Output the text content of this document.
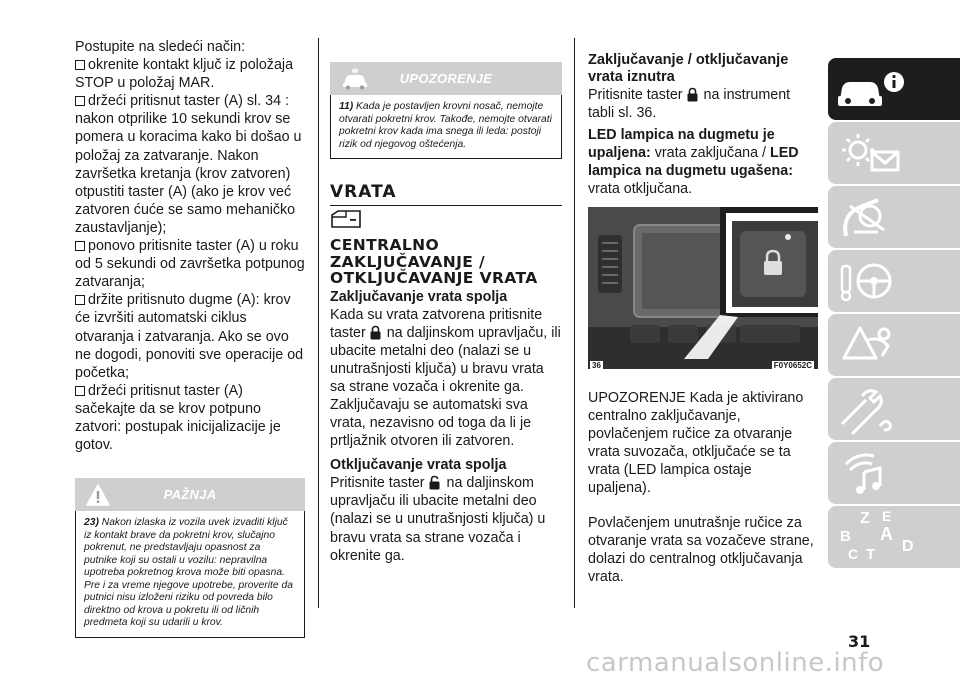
Postupite na sledeći način:
okrenite kontakt ključ iz položaja STOP u položaj MAR.
držeći pritisnut taster (A) sl. 34 : nakon otprilike 10 sekundi krov se pomera u koracima kako bi došao u položaj za zatvaranje. Nakon završetka kretanja (krov zatvoren) otpustiti taster (A) (ako je krov već zatvoren ćuće se samo mehaničko zaustavljanje);
ponovo pritisnite taster (A) u roku od 5 sekundi od završetka potpunog zatvaranja;
držite pritisnuto dugme (A): krov će izvršiti automatski ciklus otvaranja i zatvaranja. Ako se ovo ne dogodi, ponoviti sve operacije od početka;
držeći pritisnut taster (A) sačekajte da se krov potpuno zatvori: postupak inicijalizacije je gotov.
PAŽNJA
23) Nakon izlaska iz vozila uvek izvaditi ključ iz kontakt brave da pokretni krov, slučajno pokrenut, ne predstavljaju opasnost za putnike koji su ostali u vozilu: nepravilna upotreba pokretnog krova može biti opasna. Pre i za vreme njegove upotrebe, proverite da putnici nisu izloženi riziku od povreda bilo direktno od krova u pokretu ili od ličnih predmeta koji su udarili u krov.
UPOZORENJE
11) Kada je postavljen krovni nosač, nemojte otvarati pokretni krov. Takođe, nemojte otvarati pokretni krov kada ima snega ili leda: postoji rizik od njegovog oštećenja.
VRATA
CENTRALNO
ZAKLJUČAVANJE /
OTKLJUČAVANJE VRATA
Zaključavanje vrata spolja
Kada su vrata zatvorena pritisnite taster na daljinskom upravljaču, ili ubacite metalni deo (nalazi se u unutrašnjosti ključa) u bravu vrata sa strane vozača i okrenite ga. Zaključavaju se automatski sva vrata, nezavisno od toga da li je prtljažnik otvoren ili zatvoren.
Otključavanje vrata spolja
Pritisnite taster na daljinskom upravljaču ili ubacite metalni deo (nalazi se u unutrašnjosti ključa) u bravu vrata sa strane vozača i okrenite ga.
Zaključavanje / otključavanje vrata iznutra
Pritisnite taster na instrument tabli sl. 36.
LED lampica na dugmetu je upaljena: vrata zaključana / LED lampica na dugmetu ugašena: vrata otključana.
36	F0Y0652C
UPOZORENJE Kada je aktivirano centralno zaključavanje, povlačenjem ručice za otvaranje vrata suvozača, otključaće se ta vrata (LED lampica ostaje upaljena).
Povlačenjem unutrašnje ručice za otvaranje vrata sa vozačeve strane, dolazi do centralnog otključavanja vrata.
Z E
B A
C	D
T
31
carmanualsonline.info
